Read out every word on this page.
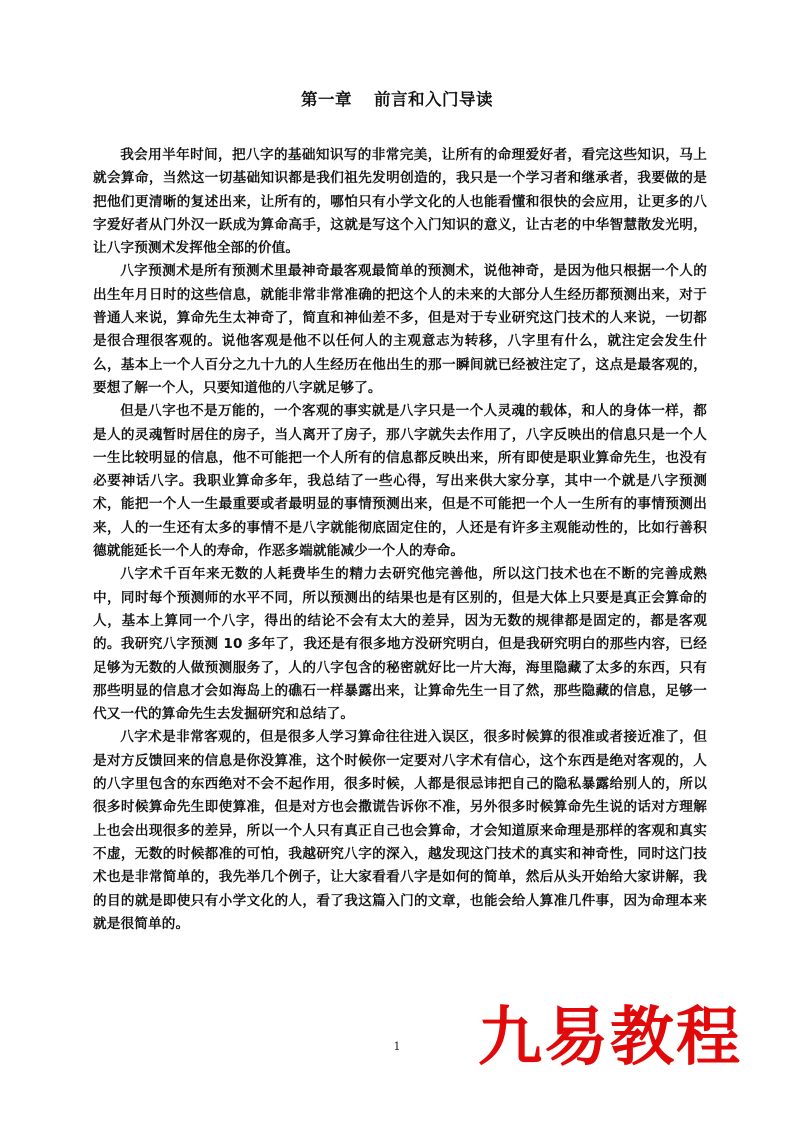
第一章 前言和入门导读

我会用半年时间，把八字的基础知识写的非常完美，让所有的命理爱好者，看完这些知识，马上就会算命，当然这一切基础知识都是我们祖先发明创造的，我只是一个学习者和继承者，我要做的是把他们更清晰的复述出来，让所有的，哪怕只有小学文化的人也能看懂和很快的会应用，让更多的八字爱好者从门外汉一跃成为算命高手，这就是写这个入门知识的意义，让古老的中华智慧散发光明，让八字预测术发挥他全部的价值。

八字预测术是所有预测术里最神奇最客观最简单的预测术，说他神奇，是因为他只根据一个人的出生年月日时的这些信息，就能非常非常准确的把这个人的未来的大部分人生经历都预测出来，对于普通人来说，算命先生太神奇了，简直和神仙差不多，但是对于专业研究这门技术的人来说，一切都是很合理很客观的。说他客观是他不以任何人的主观意志为转移，八字里有什么，就注定会发生什么，基本上一个人百分之九十九的人生经历在他出生的那一瞬间就已经被注定了，这点是最客观的，要想了解一个人，只要知道他的八字就足够了。

但是八字也不是万能的，一个客观的事实就是八字只是一个人灵魂的载体，和人的身体一样，都是人的灵魂暂时居住的房子，当人离开了房子，那八字就失去作用了，八字反映出的信息只是一个人一生比较明显的信息，他不可能把一个人所有的信息都反映出来，所有即使是职业算命先生，也没有必要神话八字。我职业算命多年，我总结了一些心得，写出来供大家分享，其中一个就是八字预测术，能把一个人一生最重要或者最明显的事情预测出来，但是不可能把一个人一生所有的事情预测出来，人的一生还有太多的事情不是八字就能彻底固定住的，人还是有许多主观能动性的，比如行善积德就能延长一个人的寿命，作恶多端就能减少一个人的寿命。

八字术千百年来无数的人耗费毕生的精力去研究他完善他，所以这门技术也在不断的完善成熟中，同时每个预测师的水平不同，所以预测出的结果也是有区别的，但是大体上只要是真正会算命的人，基本上算同一个八字，得出的结论不会有太大的差异，因为无数的规律都是固定的，都是客观的。我研究八字预测 10 多年了，我还是有很多地方没研究明白，但是我研究明白的那些内容，已经足够为无数的人做预测服务了，人的八字包含的秘密就好比一片大海，海里隐藏了太多的东西，只有那些明显的信息才会如海岛上的礁石一样暴露出来，让算命先生一目了然，那些隐藏的信息，足够一代又一代的算命先生去发掘研究和总结了。

八字术是非常客观的，但是很多人学习算命往往进入误区，很多时候算的很准或者接近准了，但是对方反馈回来的信息是你没算准，这个时候你一定要对八字术有信心，这个东西是绝对客观的，人的八字里包含的东西绝对不会不起作用，很多时候，人都是很忌讳把自己的隐私暴露给别人的，所以很多时候算命先生即使算准，但是对方也会撒谎告诉你不准，另外很多时候算命先生说的话对方理解上也会出现很多的差异，所以一个人只有真正自己也会算命，才会知道原来命理是那样的客观和真实不虚，无数的时候都准的可怕，我越研究八字的深入，越发现这门技术的真实和神奇性，同时这门技术也是非常简单的，我先举几个例子，让大家看看八字是如何的简单，然后从头开始给大家讲解，我的目的就是即使只有小学文化的人，看了我这篇入门的文章，也能会给人算准几件事，因为命理本来就是很简单的。

1 九易教程
